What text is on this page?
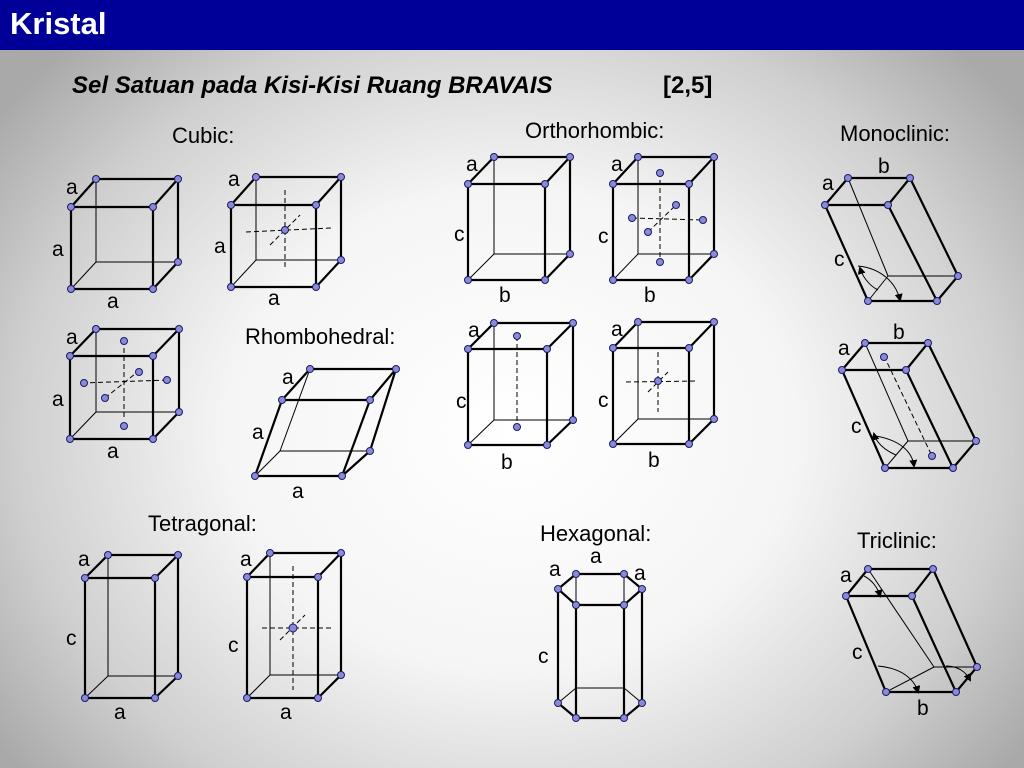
Kristal
Sel Satuan pada Kisi-Kisi Ruang BRAVAIS	[2,5]
Cubic:	Orthorhombic:	Monoclinic:
Rhombohedral:
Tetragonal:	Hexagonal:	Triclinic:
a
a
a
a
a
a
a
a
a
a
a
a
a
c
b
a
c
b
a
c
b
a
c
b
a
b
c
a
b
c
a
c
a
a
c
a
a
a	a
c
a
c
b
